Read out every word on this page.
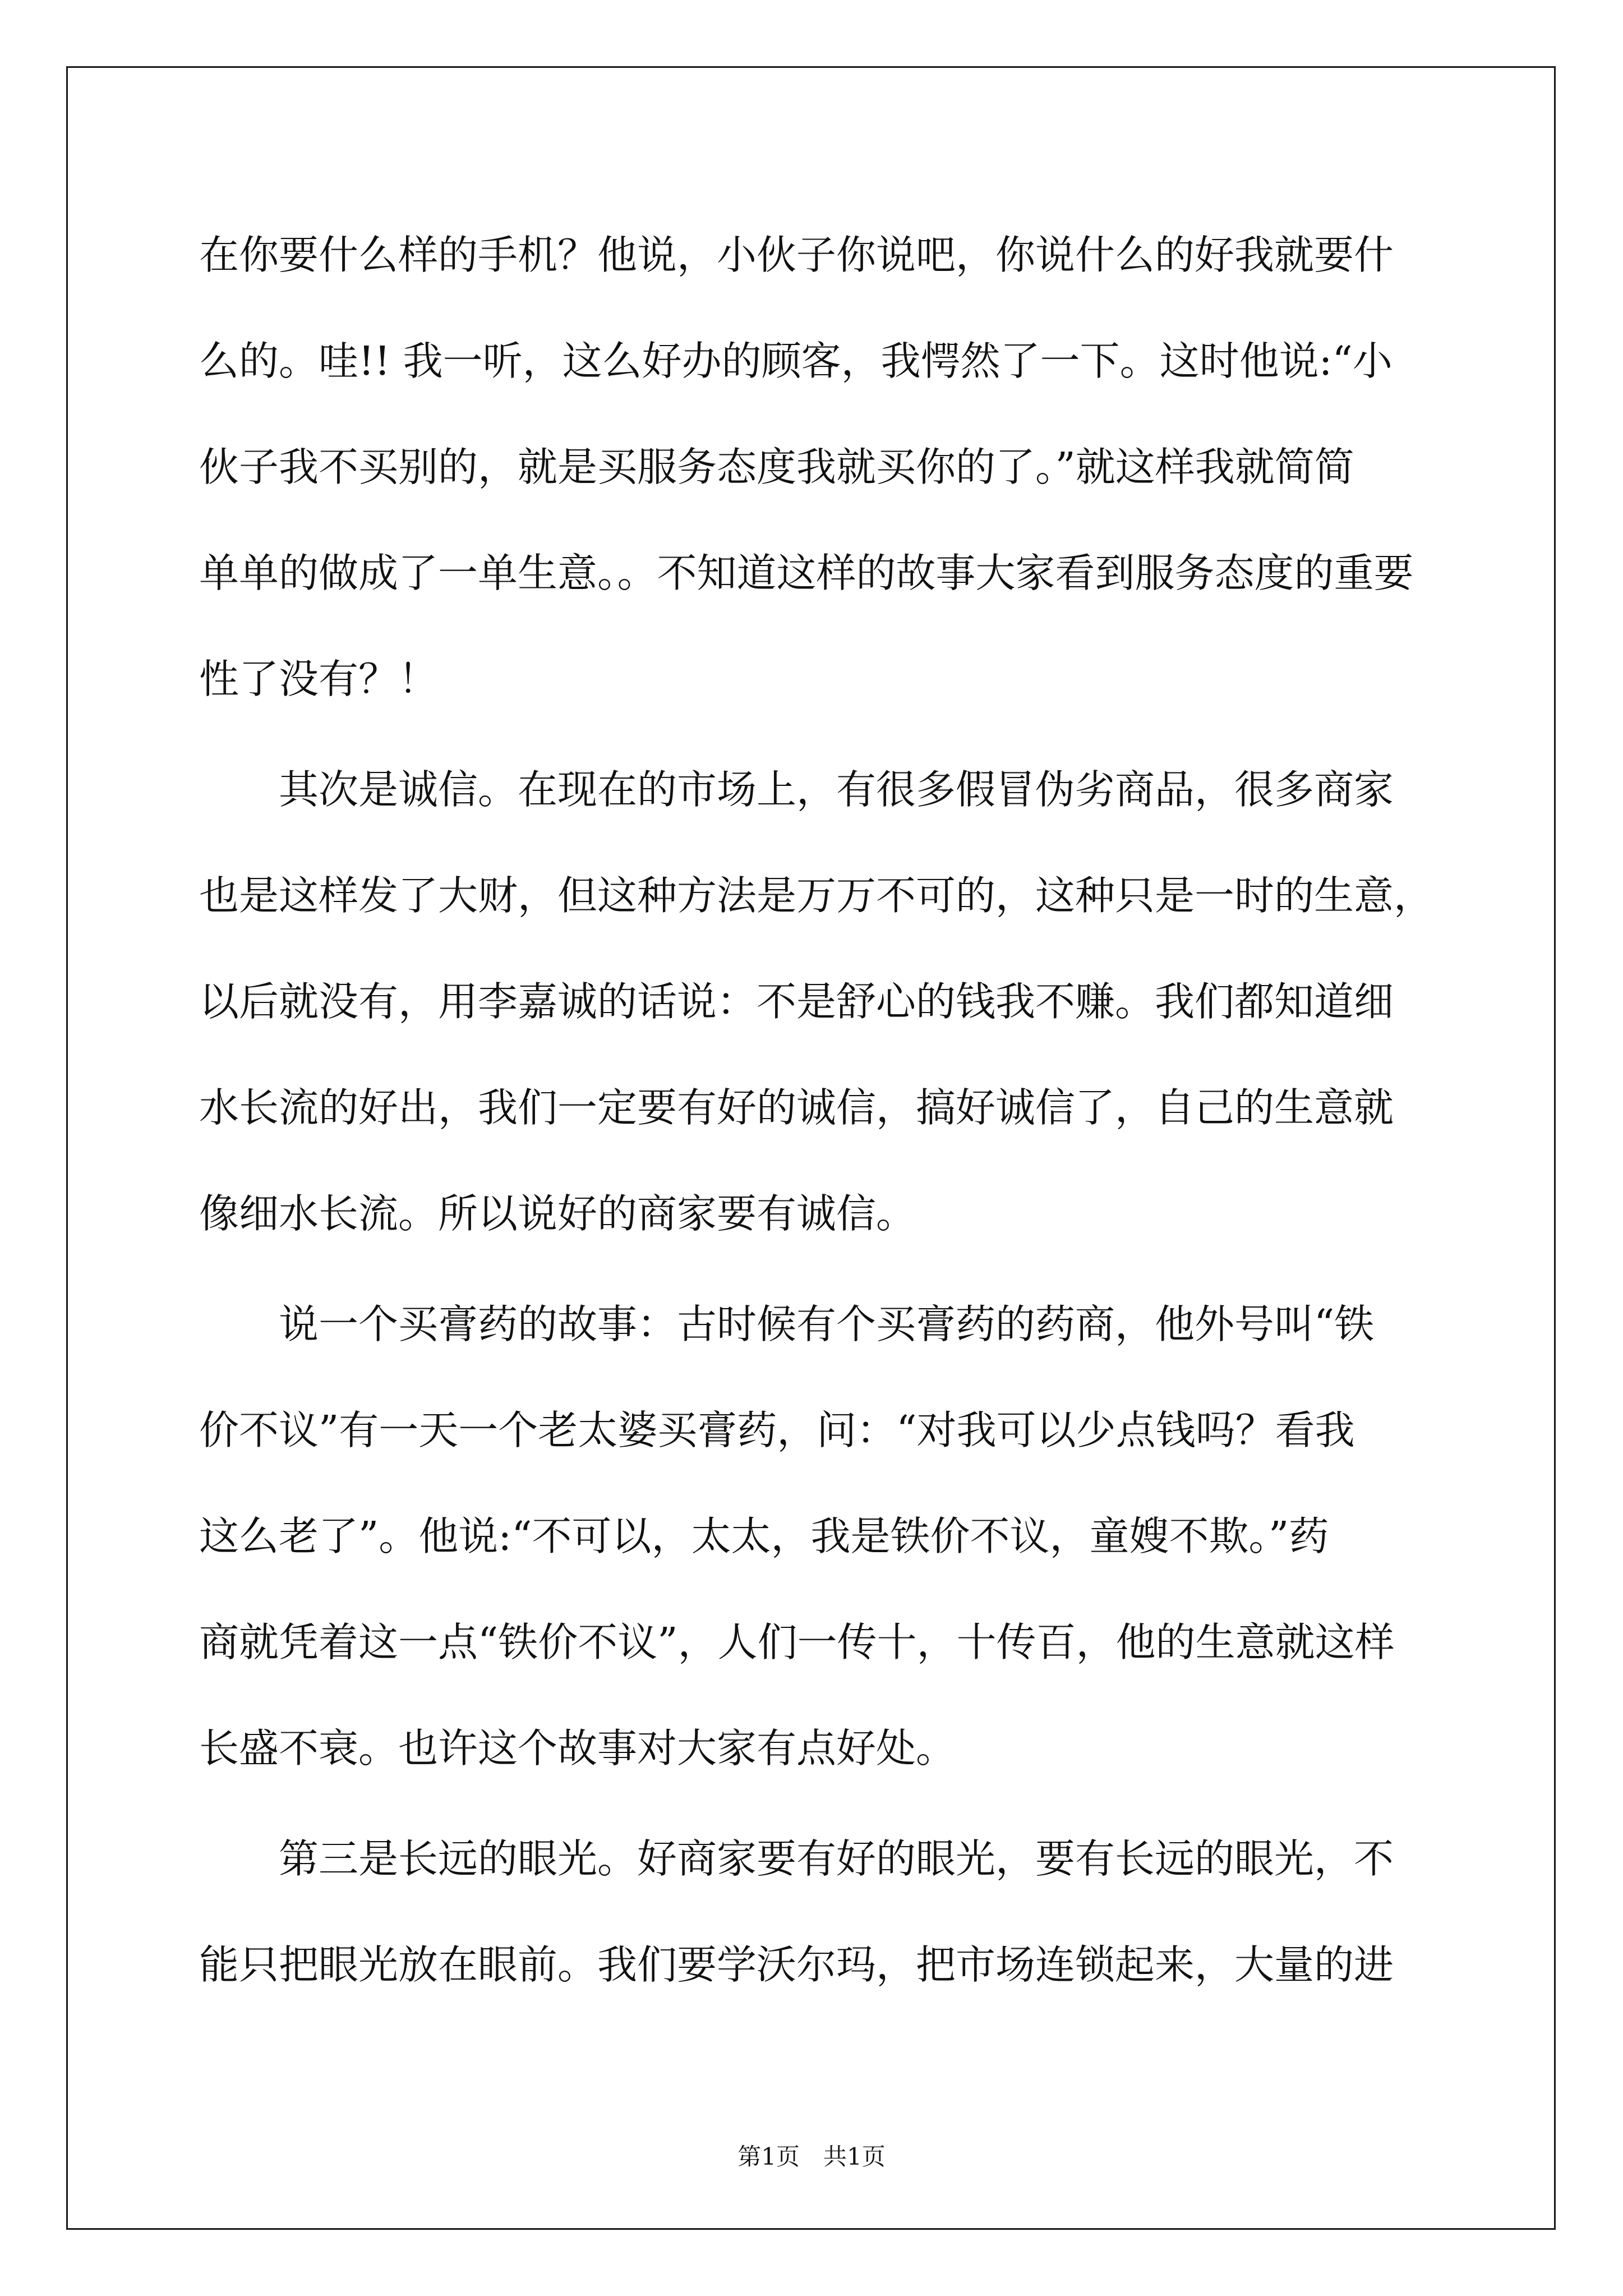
在你要什么样的手机？他说，小伙子你说吧，你说什么的好我就要什
么的。哇!! 我一听，这么好办的顾客，我愕然了一下。这时他说:“小
伙子我不买别的，就是买服务态度我就买你的了。”就这样我就简简
单单的做成了一单生意。。不知道这样的故事大家看到服务态度的重要
性了没有？！
　　其次是诚信。在现在的市场上，有很多假冒伪劣商品，很多商家
也是这样发了大财，但这种方法是万万不可的，这种只是一时的生意，
以后就没有，用李嘉诚的话说：不是舒心的钱我不赚。我们都知道细
水长流的好出，我们一定要有好的诚信，搞好诚信了，自己的生意就
像细水长流。所以说好的商家要有诚信。
　　说一个买膏药的故事：古时候有个买膏药的药商，他外号叫“铁
价不议”有一天一个老太婆买膏药，问：“对我可以少点钱吗？看我
这么老了”。他说:“不可以，太太，我是铁价不议，童嫂不欺。”药
商就凭着这一点“铁价不议”，人们一传十，十传百，他的生意就这样
长盛不衰。也许这个故事对大家有点好处。
　　第三是长远的眼光。好商家要有好的眼光，要有长远的眼光，不
能只把眼光放在眼前。我们要学沃尔玛，把市场连锁起来，大量的进
第1页　共1页
